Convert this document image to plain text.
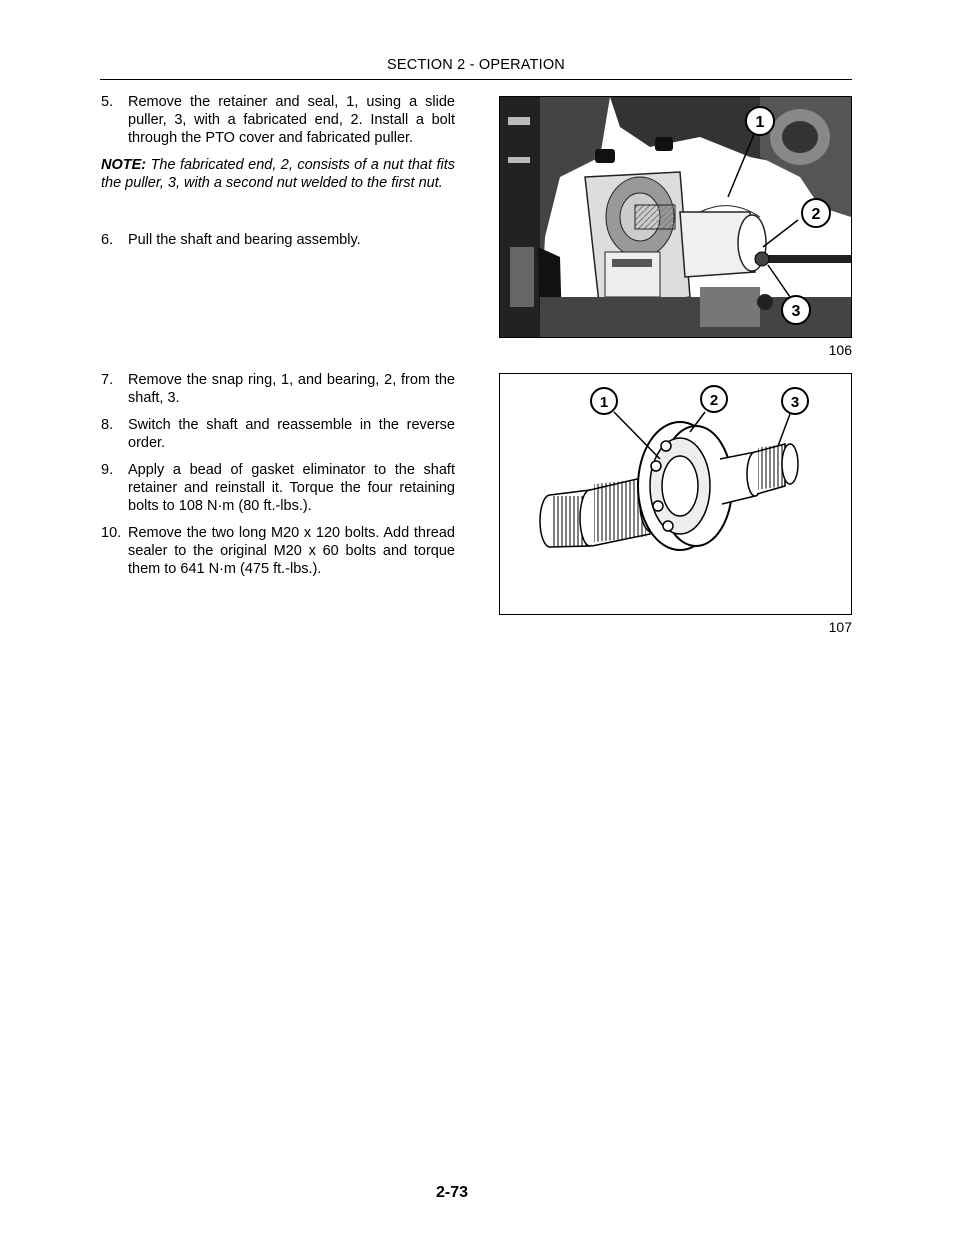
SECTION 2 - OPERATION
5.	Remove the retainer and seal, 1, using a slide puller, 3, with a fabricated end, 2. Install a bolt through the PTO cover and fabricated puller.
NOTE: The fabricated end, 2, consists of a nut that fits the puller, 3, with a second nut welded to the first nut.
6.	Pull the shaft and bearing assembly.
7.	Remove the snap ring, 1, and bearing, 2, from the shaft, 3.
8.	Switch the shaft and reassemble in the reverse order.
9.	Apply a bead of gasket eliminator to the shaft retainer and reinstall it. Torque the four retaining bolts to 108 N·m (80 ft.-lbs.).
10. Remove the two long M20 x 120 bolts. Add thread sealer to the original M20 x 60 bolts and torque them to 641 N·m (475 ft.-lbs.).
1
2
3
106
1	2	3
107
2-73
